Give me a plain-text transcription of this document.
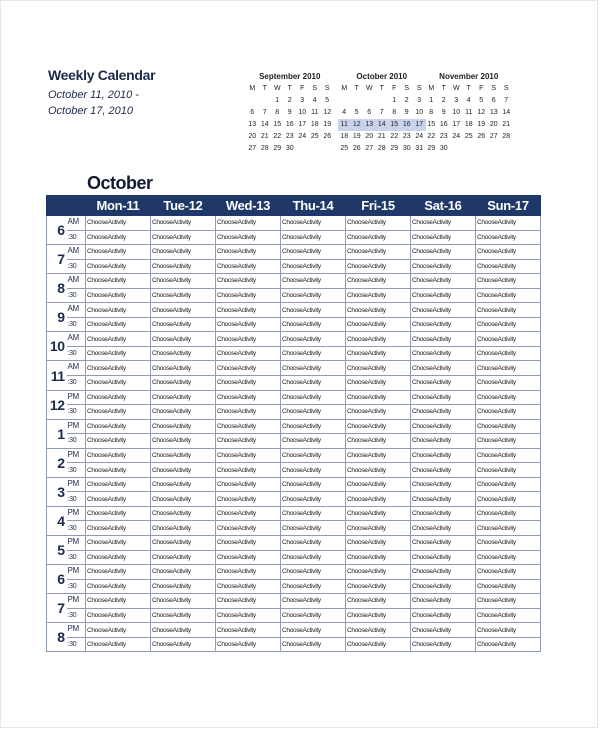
Weekly Calendar
October 11, 2010 -
October 17, 2010
September 2010
M	T	W	T	F	S	S
		1	2	3	4	5
6	7	8	9	10	11	12
13	14	15	16	17	18	19
20	21	22	23	24	25	26
27	28	29	30			
October 2010
M	T	W	T	F	S	S
				1	2	3
4	5	6	7	8	9	10
11	12	13	14	15	16	17
18	19	20	21	22	23	24
25	26	27	28	29	30	31
November 2010
M	T	W	T	F	S	S
1	2	3	4	5	6	7
8	9	10	11	12	13	14
15	16	17	18	19	20	21
22	23	24	25	26	27	28
29	30					
October
		Mon-11	Tue-12	Wed-13	Thu-14	Fri-15	Sat-16	Sun-17
6	AM	ChooseActivity	ChooseActivity	ChooseActivity	ChooseActivity	ChooseActivity	ChooseActivity	ChooseActivity
	:30	ChooseActivity	ChooseActivity	ChooseActivity	ChooseActivity	ChooseActivity	ChooseActivity	ChooseActivity
7	AM	ChooseActivity	ChooseActivity	ChooseActivity	ChooseActivity	ChooseActivity	ChooseActivity	ChooseActivity
	:30	ChooseActivity	ChooseActivity	ChooseActivity	ChooseActivity	ChooseActivity	ChooseActivity	ChooseActivity
8	AM	ChooseActivity	ChooseActivity	ChooseActivity	ChooseActivity	ChooseActivity	ChooseActivity	ChooseActivity
	:30	ChooseActivity	ChooseActivity	ChooseActivity	ChooseActivity	ChooseActivity	ChooseActivity	ChooseActivity
9	AM	ChooseActivity	ChooseActivity	ChooseActivity	ChooseActivity	ChooseActivity	ChooseActivity	ChooseActivity
	:30	ChooseActivity	ChooseActivity	ChooseActivity	ChooseActivity	ChooseActivity	ChooseActivity	ChooseActivity
10	AM	ChooseActivity	ChooseActivity	ChooseActivity	ChooseActivity	ChooseActivity	ChooseActivity	ChooseActivity
	:30	ChooseActivity	ChooseActivity	ChooseActivity	ChooseActivity	ChooseActivity	ChooseActivity	ChooseActivity
11	AM	ChooseActivity	ChooseActivity	ChooseActivity	ChooseActivity	ChooseActivity	ChooseActivity	ChooseActivity
	:30	ChooseActivity	ChooseActivity	ChooseActivity	ChooseActivity	ChooseActivity	ChooseActivity	ChooseActivity
12	PM	ChooseActivity	ChooseActivity	ChooseActivity	ChooseActivity	ChooseActivity	ChooseActivity	ChooseActivity
	:30	ChooseActivity	ChooseActivity	ChooseActivity	ChooseActivity	ChooseActivity	ChooseActivity	ChooseActivity
1	PM	ChooseActivity	ChooseActivity	ChooseActivity	ChooseActivity	ChooseActivity	ChooseActivity	ChooseActivity
	:30	ChooseActivity	ChooseActivity	ChooseActivity	ChooseActivity	ChooseActivity	ChooseActivity	ChooseActivity
2	PM	ChooseActivity	ChooseActivity	ChooseActivity	ChooseActivity	ChooseActivity	ChooseActivity	ChooseActivity
	:30	ChooseActivity	ChooseActivity	ChooseActivity	ChooseActivity	ChooseActivity	ChooseActivity	ChooseActivity
3	PM	ChooseActivity	ChooseActivity	ChooseActivity	ChooseActivity	ChooseActivity	ChooseActivity	ChooseActivity
	:30	ChooseActivity	ChooseActivity	ChooseActivity	ChooseActivity	ChooseActivity	ChooseActivity	ChooseActivity
4	PM	ChooseActivity	ChooseActivity	ChooseActivity	ChooseActivity	ChooseActivity	ChooseActivity	ChooseActivity
	:30	ChooseActivity	ChooseActivity	ChooseActivity	ChooseActivity	ChooseActivity	ChooseActivity	ChooseActivity
5	PM	ChooseActivity	ChooseActivity	ChooseActivity	ChooseActivity	ChooseActivity	ChooseActivity	ChooseActivity
	:30	ChooseActivity	ChooseActivity	ChooseActivity	ChooseActivity	ChooseActivity	ChooseActivity	ChooseActivity
6	PM	ChooseActivity	ChooseActivity	ChooseActivity	ChooseActivity	ChooseActivity	ChooseActivity	ChooseActivity
	:30	ChooseActivity	ChooseActivity	ChooseActivity	ChooseActivity	ChooseActivity	ChooseActivity	ChooseActivity
7	PM	ChooseActivity	ChooseActivity	ChooseActivity	ChooseActivity	ChooseActivity	ChooseActivity	ChooseActivity
	:30	ChooseActivity	ChooseActivity	ChooseActivity	ChooseActivity	ChooseActivity	ChooseActivity	ChooseActivity
8	PM	ChooseActivity	ChooseActivity	ChooseActivity	ChooseActivity	ChooseActivity	ChooseActivity	ChooseActivity
	:30	ChooseActivity	ChooseActivity	ChooseActivity	ChooseActivity	ChooseActivity	ChooseActivity	ChooseActivity
